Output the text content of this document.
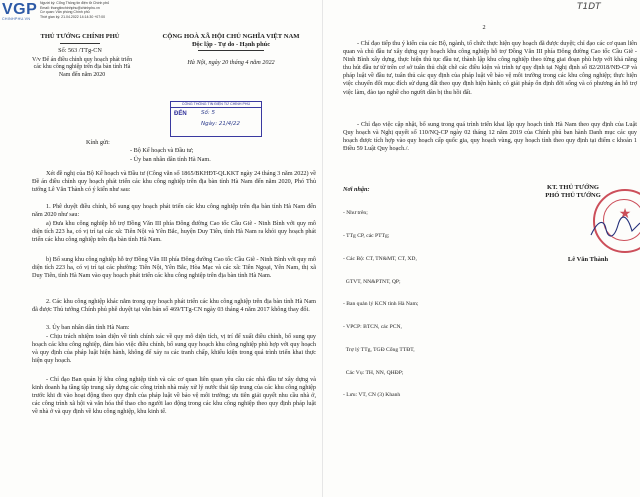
VGP
CHINHPHU.VN
Người ký: Cổng Thông tin điện tử Chính phủ
Email: thongtinchinhphu@chinhphu.vn
Cơ quan: Văn phòng Chính phủ
Thời gian ký: 21.04.2022 14:14:30 +07:00
THỦ TƯỚNG CHÍNH PHỦ
Số: 563 /TTg-CN
V/v Để án điều chỉnh quy hoạch phát triển các khu công nghiệp trên địa bàn tỉnh Hà Nam đến năm 2020
CỘNG HOÀ XÃ HỘI CHỦ NGHĨA VIỆT NAM
Độc lập - Tự do - Hạnh phúc
Hà Nội, ngày 20 tháng 4 năm 2022
CÔNG THÔNG TIN ĐIỆN TỬ CHÍNH PHỦ
ĐẾN	Số: 5
Ngày: 21/4/22
Kính gửi:
- Bộ Kế hoạch và Đầu tư;
- Ủy ban nhân dân tỉnh Hà Nam.
Xét đề nghị của Bộ Kế hoạch và Đầu tư (Công văn số 1865/BKHĐT-QLKKT ngày 24 tháng 3 năm 2022) về Đề án điều chỉnh quy hoạch phát triển các khu công nghiệp trên địa bàn tỉnh Hà Nam đến năm 2020, Phó Thủ tướng Lê Văn Thành có ý kiến như sau:
1. Phê duyệt điều chỉnh, bổ sung quy hoạch phát triển các khu công nghiệp trên địa bàn tỉnh Hà Nam đến năm 2020 như sau:
a) Đưa khu công nghiệp hỗ trợ Đồng Văn III phía Đông đường Cao tốc Cầu Giẽ - Ninh Bình với quy mô diện tích 223 ha, có vị trí tại các xã: Tiên Nội và Yên Bắc, huyện Duy Tiên, tỉnh Hà Nam ra khỏi quy hoạch phát triển các khu công nghiệp trên địa bàn tỉnh Hà Nam.
b) Bổ sung khu công nghiệp hỗ trợ Đồng Văn III phía Đông đường Cao tốc Cầu Giẽ - Ninh Bình với quy mô diện tích 223 ha, có vị trí tại các phường: Tiên Nội, Yên Bắc, Hòa Mạc và các xã: Tiên Ngoại, Yên Nam, thị xã Duy Tiên, tỉnh Hà Nam vào quy hoạch phát triển các khu công nghiệp trên địa bàn tỉnh Hà Nam.
2. Các khu công nghiệp khác nằm trong quy hoạch phát triển các khu công nghiệp trên địa bàn tỉnh Hà Nam đã được Thủ tướng Chính phủ phê duyệt tại văn bản số 469/TTg-CN ngày 03 tháng 4 năm 2017 không thay đổi.
3. Ủy ban nhân dân tỉnh Hà Nam:
- Chịu trách nhiệm toàn diện về tính chính xác về quy mô diện tích, vị trí để xuất điều chỉnh, bổ sung quy hoạch các khu công nghiệp, đảm bảo việc điều chỉnh, bổ sung quy hoạch khu công nghiệp phù hợp với quy hoạch và quy định của pháp luật hiện hành, không để xảy ra các tranh chấp, khiếu kiện trong quá trình triển khai thực hiện quy hoạch.
- Chỉ đạo Ban quản lý khu công nghiệp tỉnh và các cơ quan liên quan yêu cầu các nhà đầu tư xây dựng và kinh doanh hạ tầng tập trung xây dựng các công trình nhà máy xử lý nước thải tập trung của các khu công nghiệp trước khi đi vào hoạt động theo quy định của pháp luật về bảo vệ môi trường; ưu tiên giải quyết nhu cầu nhà ở, các công trình xã hội và văn hóa thể thao cho người lao động trong các khu công nghiệp theo quy định pháp luật về nhà ở và quy định về khu công nghiệp, khu kinh tế.
T1DT
2
- Chỉ đạo tiếp thu ý kiến của các Bộ, ngành, tổ chức thực hiện quy hoạch đã được duyệt; chỉ đạo các cơ quan liên quan và chủ đầu tư xây dựng quy hoạch khu công nghiệp hỗ trợ Đồng Văn III phía Đông đường Cao tốc Cầu Giẽ - Ninh Bình xây dựng, thực hiện thủ tục đầu tư, thành lập khu công nghiệp theo từng giai đoạn phù hợp với khả năng thu hút đầu tư từ trên cơ sở tuân thủ chặt chẽ các điều kiện và trình tự quy định tại Nghị định số 82/2018/NĐ-CP và pháp luật về đầu tư, tuân thủ các quy định của pháp luật về bảo vệ môi trường trong các khu công nghiệp; thực hiện việc chuyển đổi mục đích sử dụng đất theo quy định hiện hành; có giải pháp ổn định đời sống và có phương án hỗ trợ việc làm, đào tạo nghề cho người dân bị thu hồi đất.
- Chỉ đạo việc cập nhật, bổ sung trong quá trình triển khai lập quy hoạch tỉnh Hà Nam theo quy định của Luật Quy hoạch và Nghị quyết số 110/NQ-CP ngày 02 tháng 12 năm 2019 của Chính phủ ban hành Danh mục các quy hoạch được tích hợp vào quy hoạch cấp quốc gia, quy hoạch vùng, quy hoạch tỉnh theo quy định tại điểm c khoản 1 Điều 59 Luật Quy hoạch./.
Nơi nhận:

- Như trên;

- TTg CP, các PTTg;

- Các Bộ: CT, TN&MT, CT, XD,

GTVT, NN&PTNT, QP;

- Ban quản lý KCN tỉnh Hà Nam;

- VPCP: BTCN, các PCN,

Trợ lý TTg, TGĐ Cổng TTĐT,

Các Vụ: TH, NN, QHĐP;

- Lưu: VT, CN (3) Khanh

KT. THỦ TƯỚNG
PHÓ THỦ TƯỚNG
★
Lê Văn Thành
